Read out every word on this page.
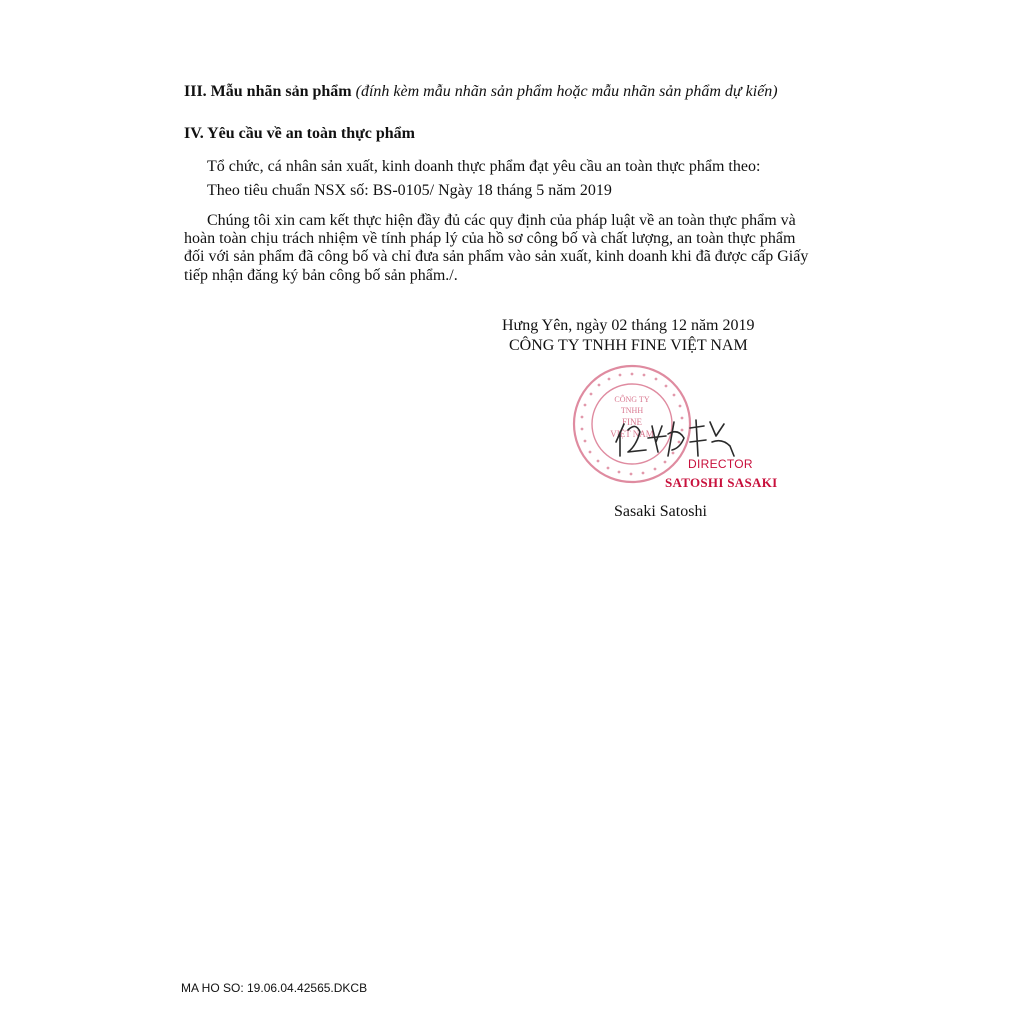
III. Mẫu nhãn sản phẩm (đính kèm mẫu nhãn sản phẩm hoặc mẫu nhãn sản phẩm dự kiến)
IV. Yêu cầu về an toàn thực phẩm
Tổ chức, cá nhân sản xuất, kinh doanh thực phẩm đạt yêu cầu an toàn thực phẩm theo:
Theo tiêu chuẩn NSX số: BS-0105/ Ngày 18 tháng 5 năm 2019
Chúng tôi xin cam kết thực hiện đầy đủ các quy định của pháp luật về an toàn thực phẩm và
hoàn toàn chịu trách nhiệm về tính pháp lý của hồ sơ công bố và chất lượng, an toàn thực phẩm
đối với sản phẩm đã công bố và chỉ đưa sản phẩm vào sản xuất, kinh doanh khi đã được cấp Giấy
tiếp nhận đăng ký bản công bố sản phẩm./.
Hưng Yên, ngày 02 tháng 12 năm 2019
CÔNG TY TNHH FINE VIỆT NAM
CÔNG TY
TNHH
FINE
VIỆT NAM
DIRECTOR
SATOSHI SASAKI
Sasaki Satoshi
MA HO SO: 19.06.04.42565.DKCB
